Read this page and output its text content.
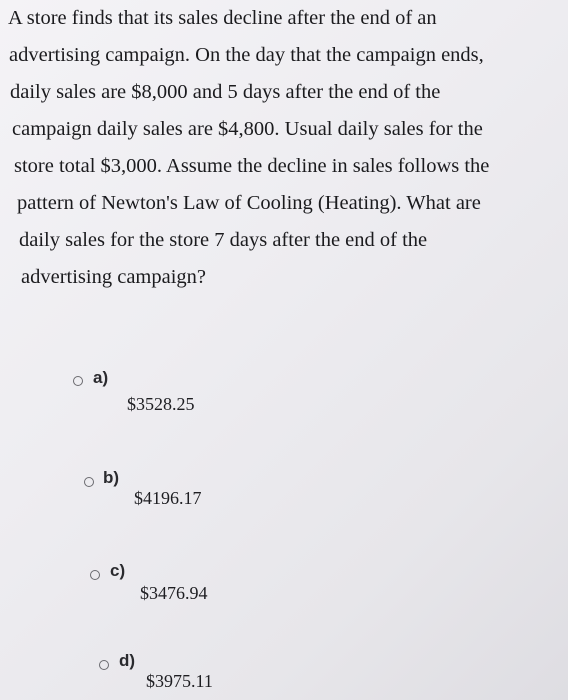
A store finds that its sales decline after the end of an
advertising campaign. On the day that the campaign ends,
daily sales are $8,000 and 5 days after the end of the
campaign daily sales are $4,800. Usual daily sales for the
store total $3,000. Assume the decline in sales follows the
pattern of Newton's Law of Cooling (Heating). What are
daily sales for the store 7 days after the end of the
advertising campaign?
a)
$3528.25
b)
$4196.17
c)
$3476.94
d)
$3975.11
